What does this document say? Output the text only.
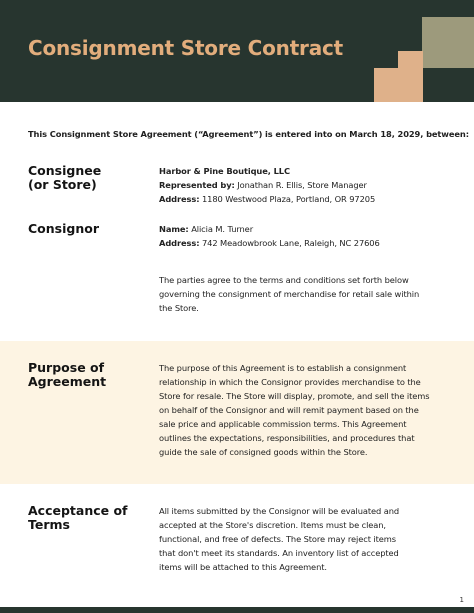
Consignment Store Contract

This Consignment Store Agreement (“Agreement”) is entered into on March 18, 2029, between:

Consignee
(or Store)

Harbor & Pine Boutique, LLC

Represented by: Jonathan R. Ellis, Store Manager

Address: 1180 Westwood Plaza, Portland, OR 97205

Consignor	Name: Alicia M. Turner

Address: 742 Meadowbrook Lane, Raleigh, NC 27606

The parties agree to the terms and conditions set forth below

governing the consignment of merchandise for retail sale within

the Store.

Purpose of
Agreement

The purpose of this Agreement is to establish a consignment

relationship in which the Consignor provides merchandise to the

Store for resale. The Store will display, promote, and sell the items

on behalf of the Consignor and will remit payment based on the

sale price and applicable commission terms. This Agreement

outlines the expectations, responsibilities, and procedures that

guide the sale of consigned goods within the Store.

Acceptance of
Terms

All items submitted by the Consignor will be evaluated and

accepted at the Store's discretion. Items must be clean,

functional, and free of defects. The Store may reject items

that don't meet its standards. An inventory list of accepted

items will be attached to this Agreement.

1
